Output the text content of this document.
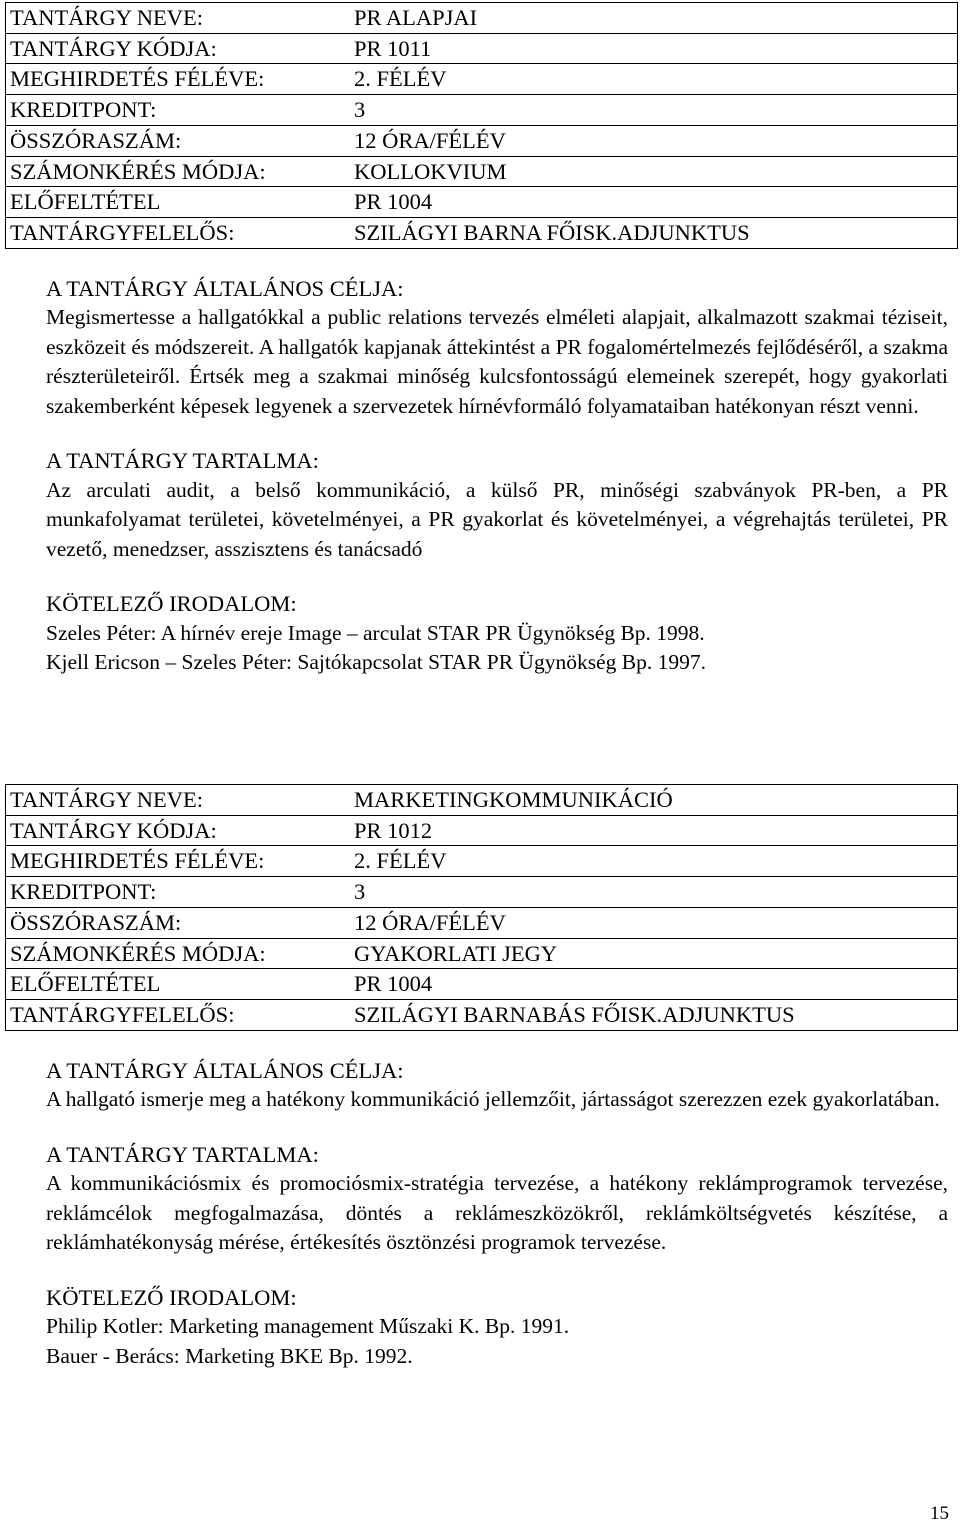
TANTÁRGY NEVE:	PR ALAPJAI
TANTÁRGY KÓDJA:	PR 1011
MEGHIRDETÉS FÉLÉVE:	2. FÉLÉV
KREDITPONT:	3
ÖSSZÓRASZÁM:	12 ÓRA/FÉLÉV
SZÁMONKÉRÉS MÓDJA:	KOLLOKVIUM
ELŐFELTÉTEL	PR 1004
TANTÁRGYFELELŐS:	SZILÁGYI BARNA FŐISK.ADJUNKTUS
A TANTÁRGY ÁLTALÁNOS CÉLJA:

Megismertesse a hallgatókkal a public relations tervezés elméleti alapjait, alkalmazott szakmai téziseit, eszközeit és módszereit. A hallgatók kapjanak áttekintést a PR fogalomértelmezés fejlődéséről, a szakma részterületeiről. Értsék meg a szakmai minőség kulcsfontosságú elemeinek szerepét, hogy gyakorlati szakemberként képesek legyenek a szervezetek hírnévformáló folyamataiban hatékonyan részt venni.

A TANTÁRGY TARTALMA:

Az arculati audit, a belső kommunikáció, a külső PR, minőségi szabványok PR-ben, a PR munkafolyamat területei, követelményei, a PR gyakorlat és követelményei, a végrehajtás területei, PR vezető, menedzser, asszisztens és tanácsadó

KÖTELEZŐ IRODALOM:
Szeles Péter: A hírnév ereje Image – arculat STAR PR Ügynökség Bp. 1998.
Kjell Ericson – Szeles Péter: Sajtókapcsolat STAR PR Ügynökség Bp. 1997.
TANTÁRGY NEVE:	MARKETINGKOMMUNIKÁCIÓ
TANTÁRGY KÓDJA:	PR 1012
MEGHIRDETÉS FÉLÉVE:	2. FÉLÉV
KREDITPONT:	3
ÖSSZÓRASZÁM:	12 ÓRA/FÉLÉV
SZÁMONKÉRÉS MÓDJA:	GYAKORLATI JEGY
ELŐFELTÉTEL	PR 1004
TANTÁRGYFELELŐS:	SZILÁGYI BARNABÁS FŐISK.ADJUNKTUS
A TANTÁRGY ÁLTALÁNOS CÉLJA:

A hallgató ismerje meg a hatékony kommunikáció jellemzőit, jártasságot szerezzen ezek gyakorlatában.

A TANTÁRGY TARTALMA:

A kommunikációsmix és promociósmix-stratégia tervezése, a hatékony reklámprogramok tervezése, reklámcélok megfogalmazása, döntés a reklámeszközökről, reklámköltségvetés készítése, a reklámhatékonyság mérése, értékesítés ösztönzési programok tervezése.

KÖTELEZŐ IRODALOM:
Philip Kotler: Marketing management Műszaki K. Bp. 1991.
Bauer - Berács: Marketing BKE Bp. 1992.
15
